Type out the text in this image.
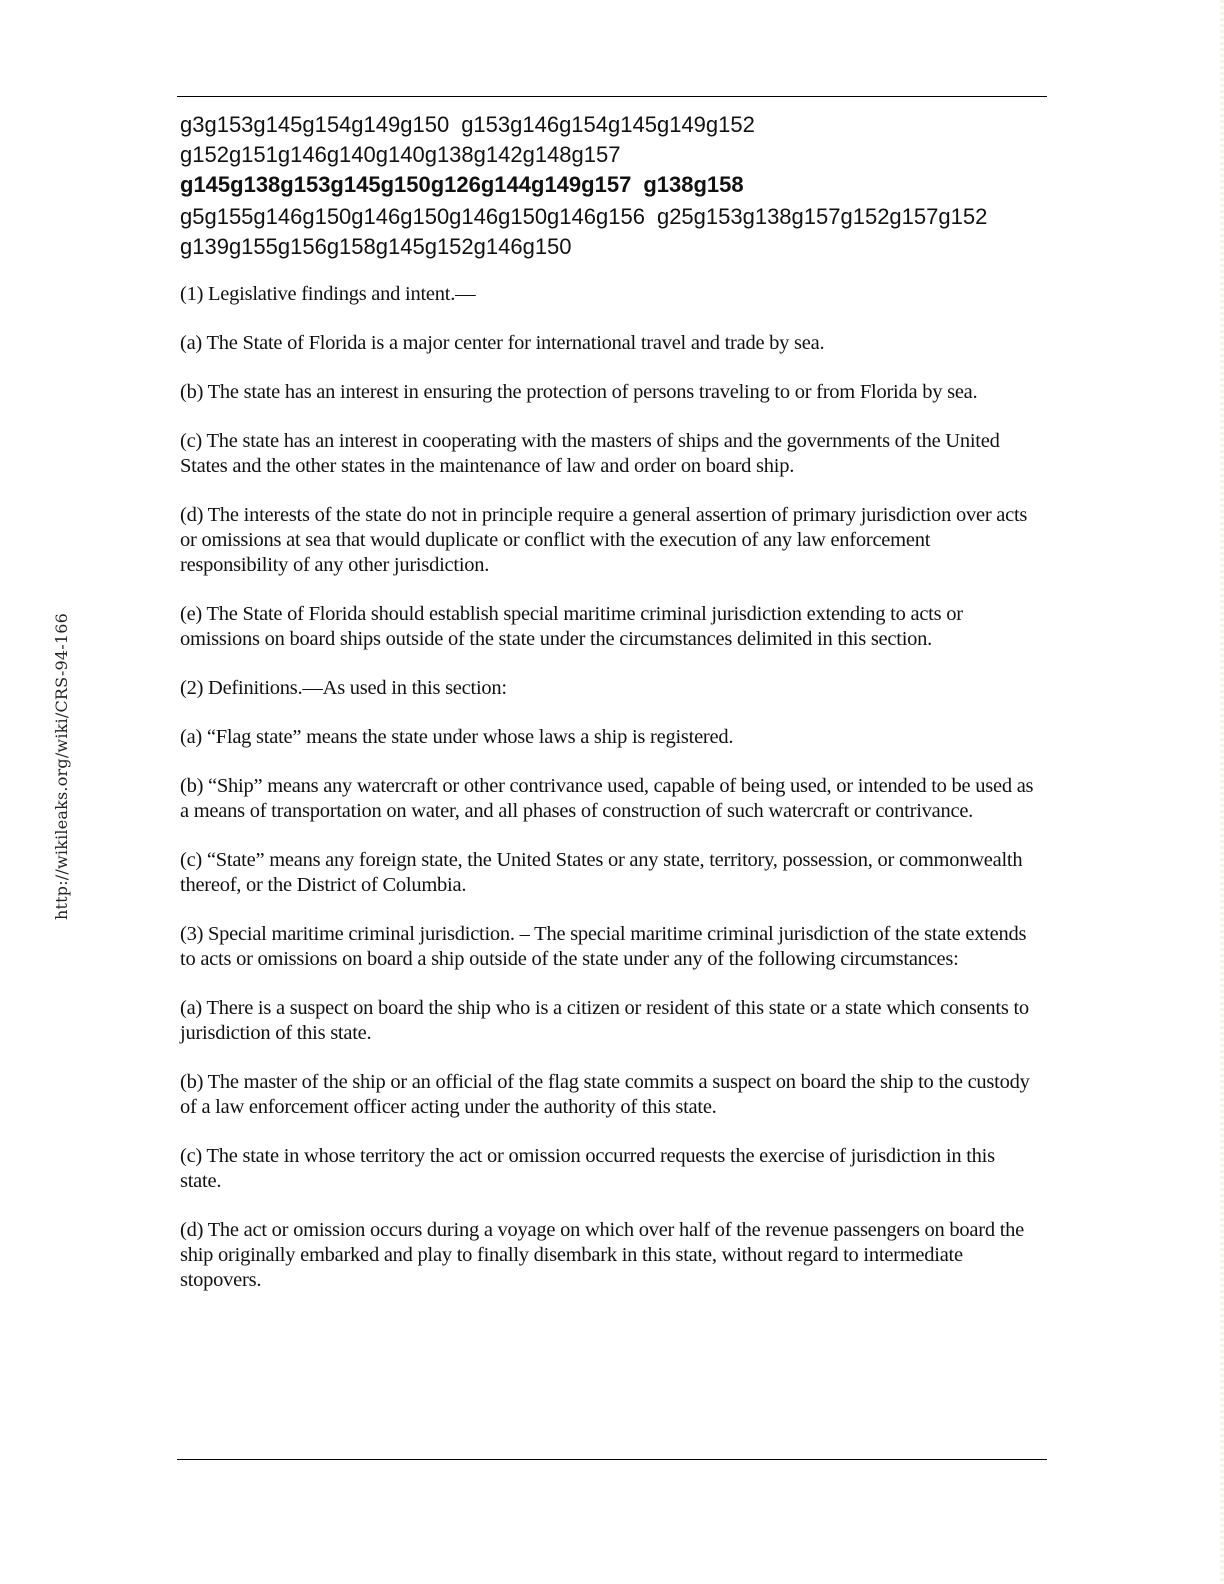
http://wikileaks.org/wiki/CRS-94-166
g3g153g145g154g149g150 g153g146g154g145g149g152
g152g151g146g140g140g138g142g148g157
g145g138g153g145g150g126g144g149g157 g138g158
g5g155g146g150g146g150g146g150g146g156 g25g153g138g157g152g157g152
g139g155g156g158g145g152g146g150

(1) Legislative findings and intent.—

(a) The State of Florida is a major center for international travel and trade by sea.

(b) The state has an interest in ensuring the protection of persons traveling to or from Florida by sea.

(c) The state has an interest in cooperating with the masters of ships and the governments of the United States and the other states in the maintenance of law and order on board ship.

(d) The interests of the state do not in principle require a general assertion of primary jurisdiction over acts or omissions at sea that would duplicate or conflict with the execution of any law enforcement responsibility of any other jurisdiction.

(e) The State of Florida should establish special maritime criminal jurisdiction extending to acts or omissions on board ships outside of the state under the circumstances delimited in this section.

(2) Definitions.—As used in this section:

(a) “Flag state” means the state under whose laws a ship is registered.

(b) “Ship” means any watercraft or other contrivance used, capable of being used, or intended to be used as a means of transportation on water, and all phases of construction of such watercraft or contrivance.

(c) “State” means any foreign state, the United States or any state, territory, possession, or commonwealth thereof, or the District of Columbia.

(3) Special maritime criminal jurisdiction. – The special maritime criminal jurisdiction of the state extends to acts or omissions on board a ship outside of the state under any of the following circumstances:

(a) There is a suspect on board the ship who is a citizen or resident of this state or a state which consents to jurisdiction of this state.

(b) The master of the ship or an official of the flag state commits a suspect on board the ship to the custody of a law enforcement officer acting under the authority of this state.

(c) The state in whose territory the act or omission occurred requests the exercise of jurisdiction in this state.

(d) The act or omission occurs during a voyage on which over half of the revenue passengers on board the ship originally embarked and play to finally disembark in this state, without regard to intermediate stopovers.
